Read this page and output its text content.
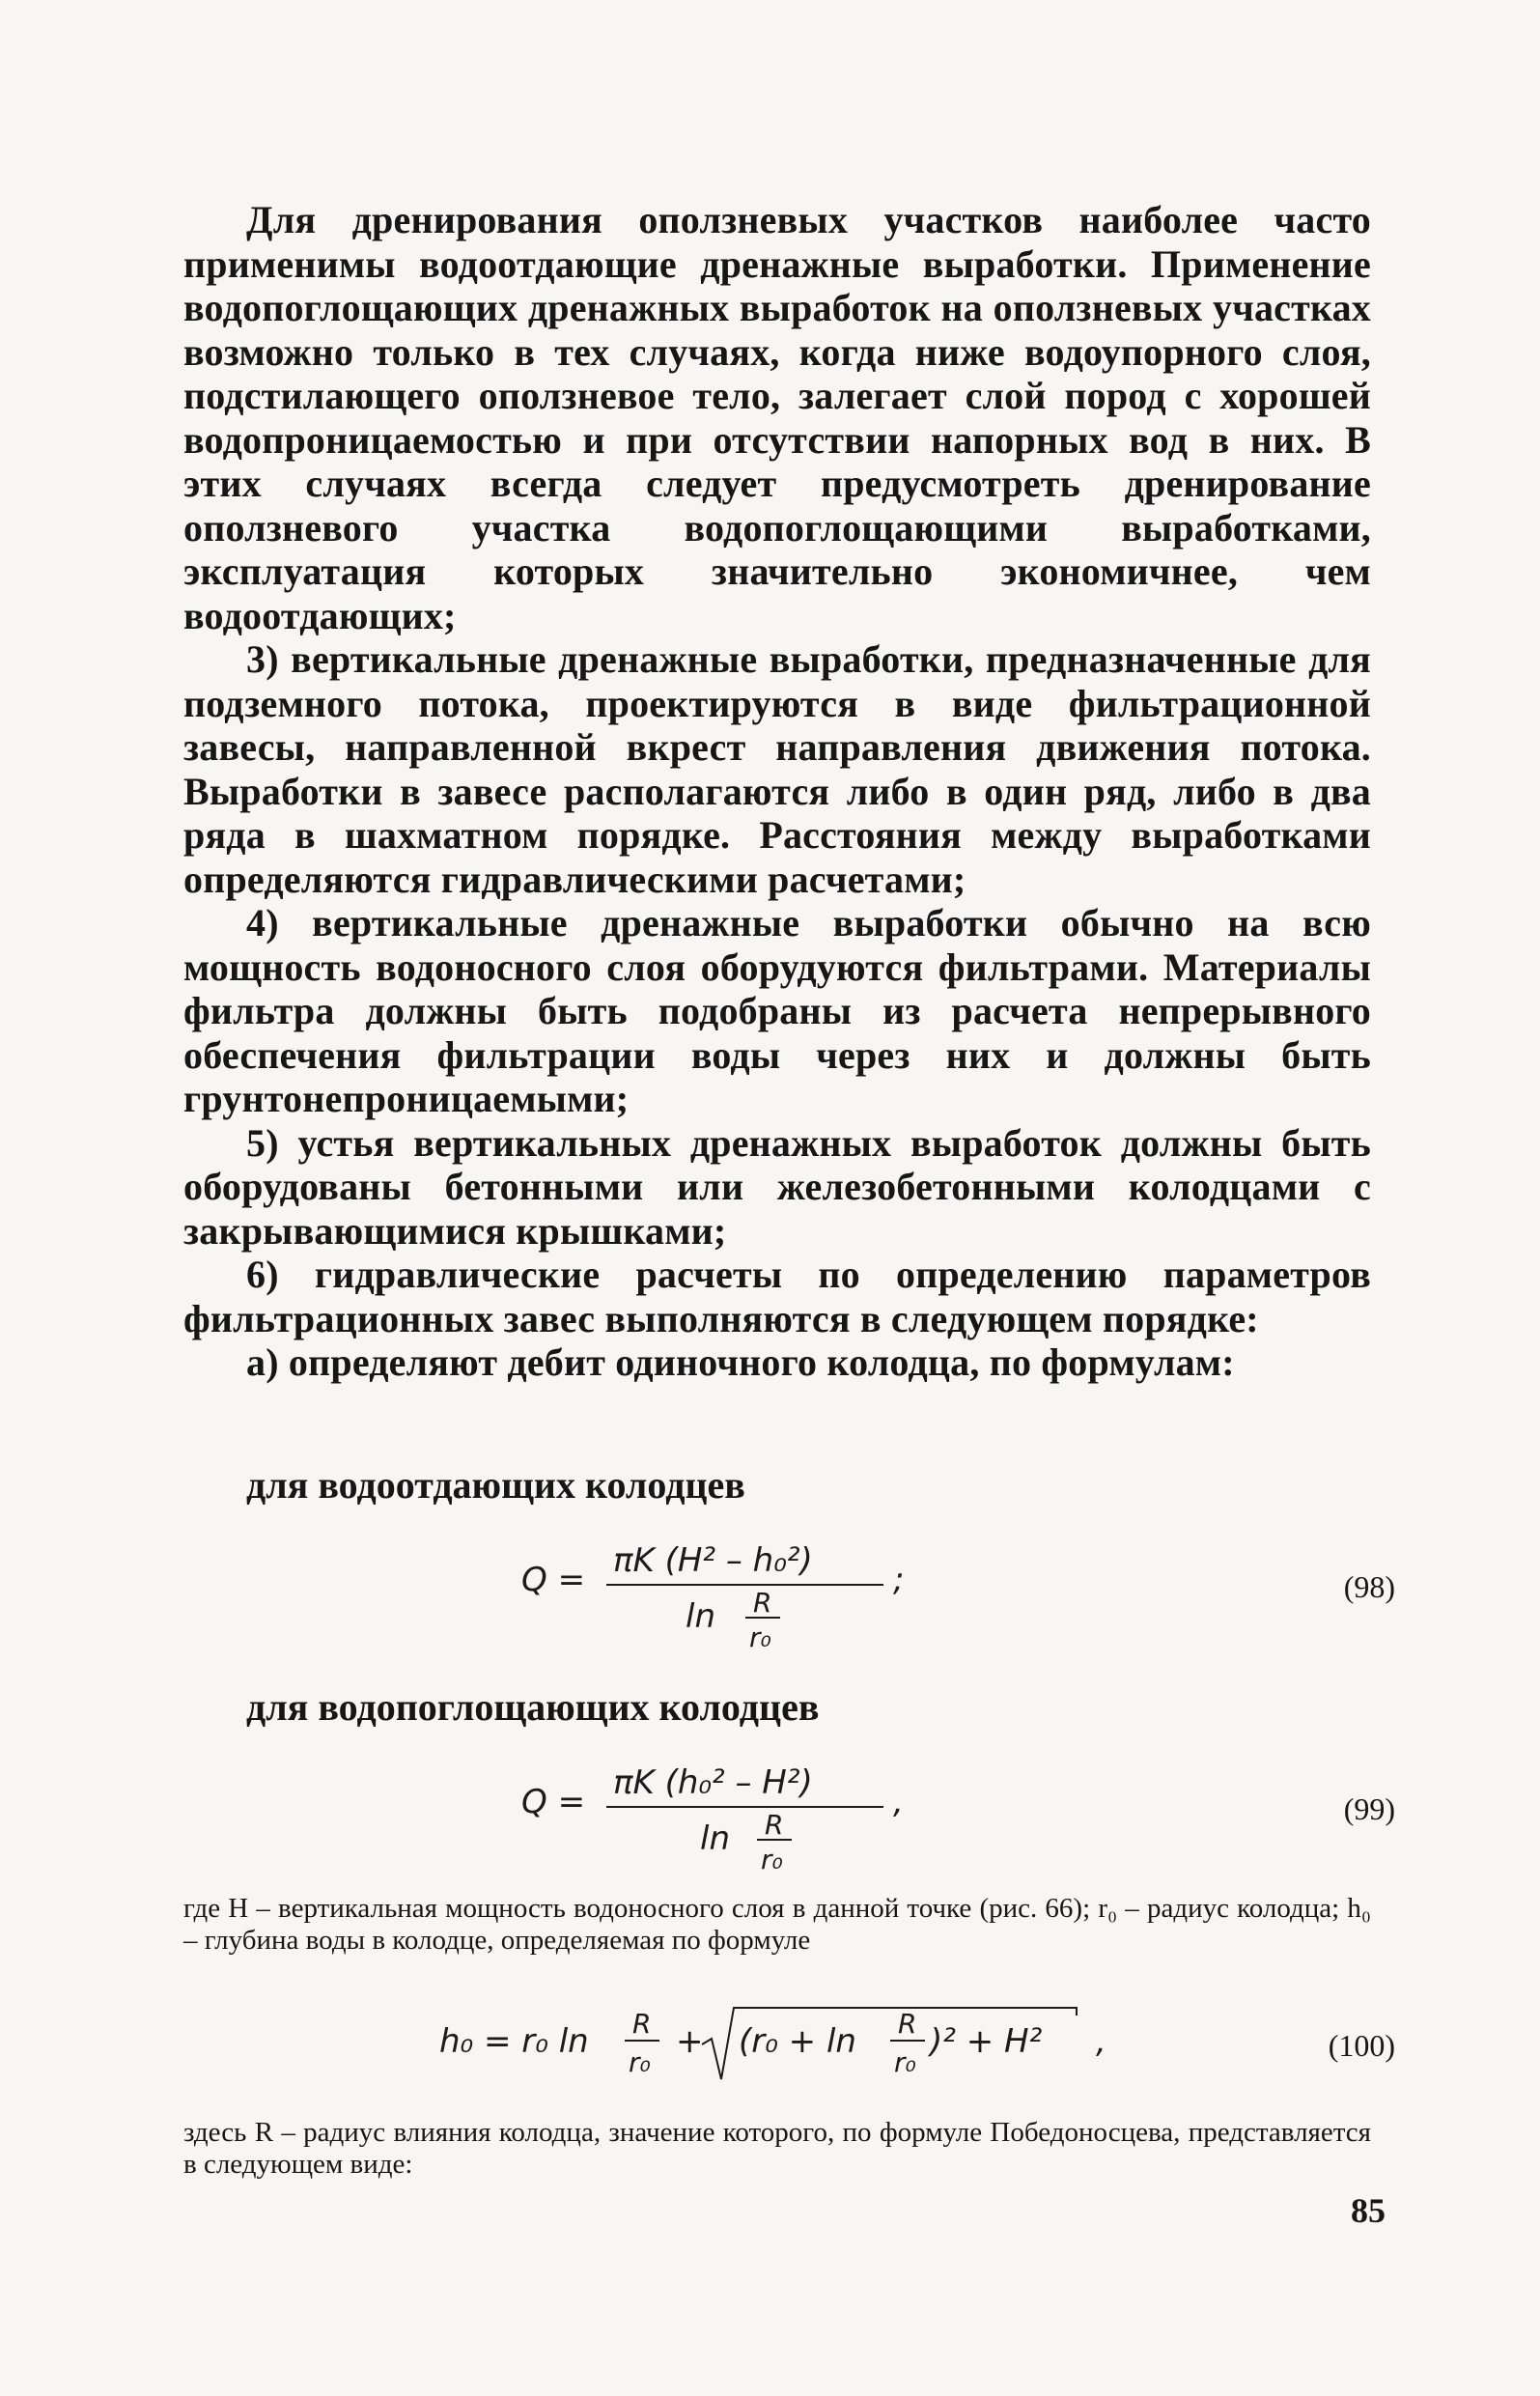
Для дренирования оползневых участков наиболее часто применимы водоотдающие дренажные выработки. Применение водопоглощающих дренажных выработок на оползневых участках возможно только в тех случаях, когда ниже водоупорного слоя, подстилающего оползневое тело, залегает слой пород с хорошей водопроницаемостью и при отсутствии напорных вод в них. В этих случаях всегда следует предусмотреть дренирование оползневого участка водопоглощающими выработками, эксплуатация которых значительно экономичнее, чем водоотдающих;

3) вертикальные дренажные выработки, предназначенные для подземного потока, проектируются в виде фильтрационной завесы, направленной вкрест направления движения потока. Выработки в завесе располагаются либо в один ряд, либо в два ряда в шахматном порядке. Расстояния между выработками определяются гидравлическими расчетами;

4) вертикальные дренажные выработки обычно на всю мощность водоносного слоя оборудуются фильтрами. Материалы фильтра должны быть подобраны из расчета непрерывного обеспечения фильтрации воды через них и должны быть грунтонепроницаемыми;

5) устья вертикальных дренажных выработок должны быть оборудованы бетонными или железобетонными колодцами с закрывающимися крышками;

6) гидравлические расчеты по определению параметров фильтрационных завес выполняются в следующем порядке:

а) определяют дебит одиночного колодца, по формулам:

для водоотдающих колодцев
Q = πK (H² – h₀²)
ln R
r₀
;	(98)
для водопоглощающих колодцев
Q = πK (h₀² – H²)
ln R
r₀
,	(99)

где H – вертикальная мощность водоносного слоя в данной точке (рис. 66); r₀ – радиус колодца; h₀ – глубина воды в колодце, определяемая по формуле

h₀ = r₀ ln R
r₀
+ (r₀ + ln R
r₀
)² + H² ,	(100)

здесь R – радиус влияния колодца, значение которого, по формуле Победоносцева, представляется в следующем виде:

85
